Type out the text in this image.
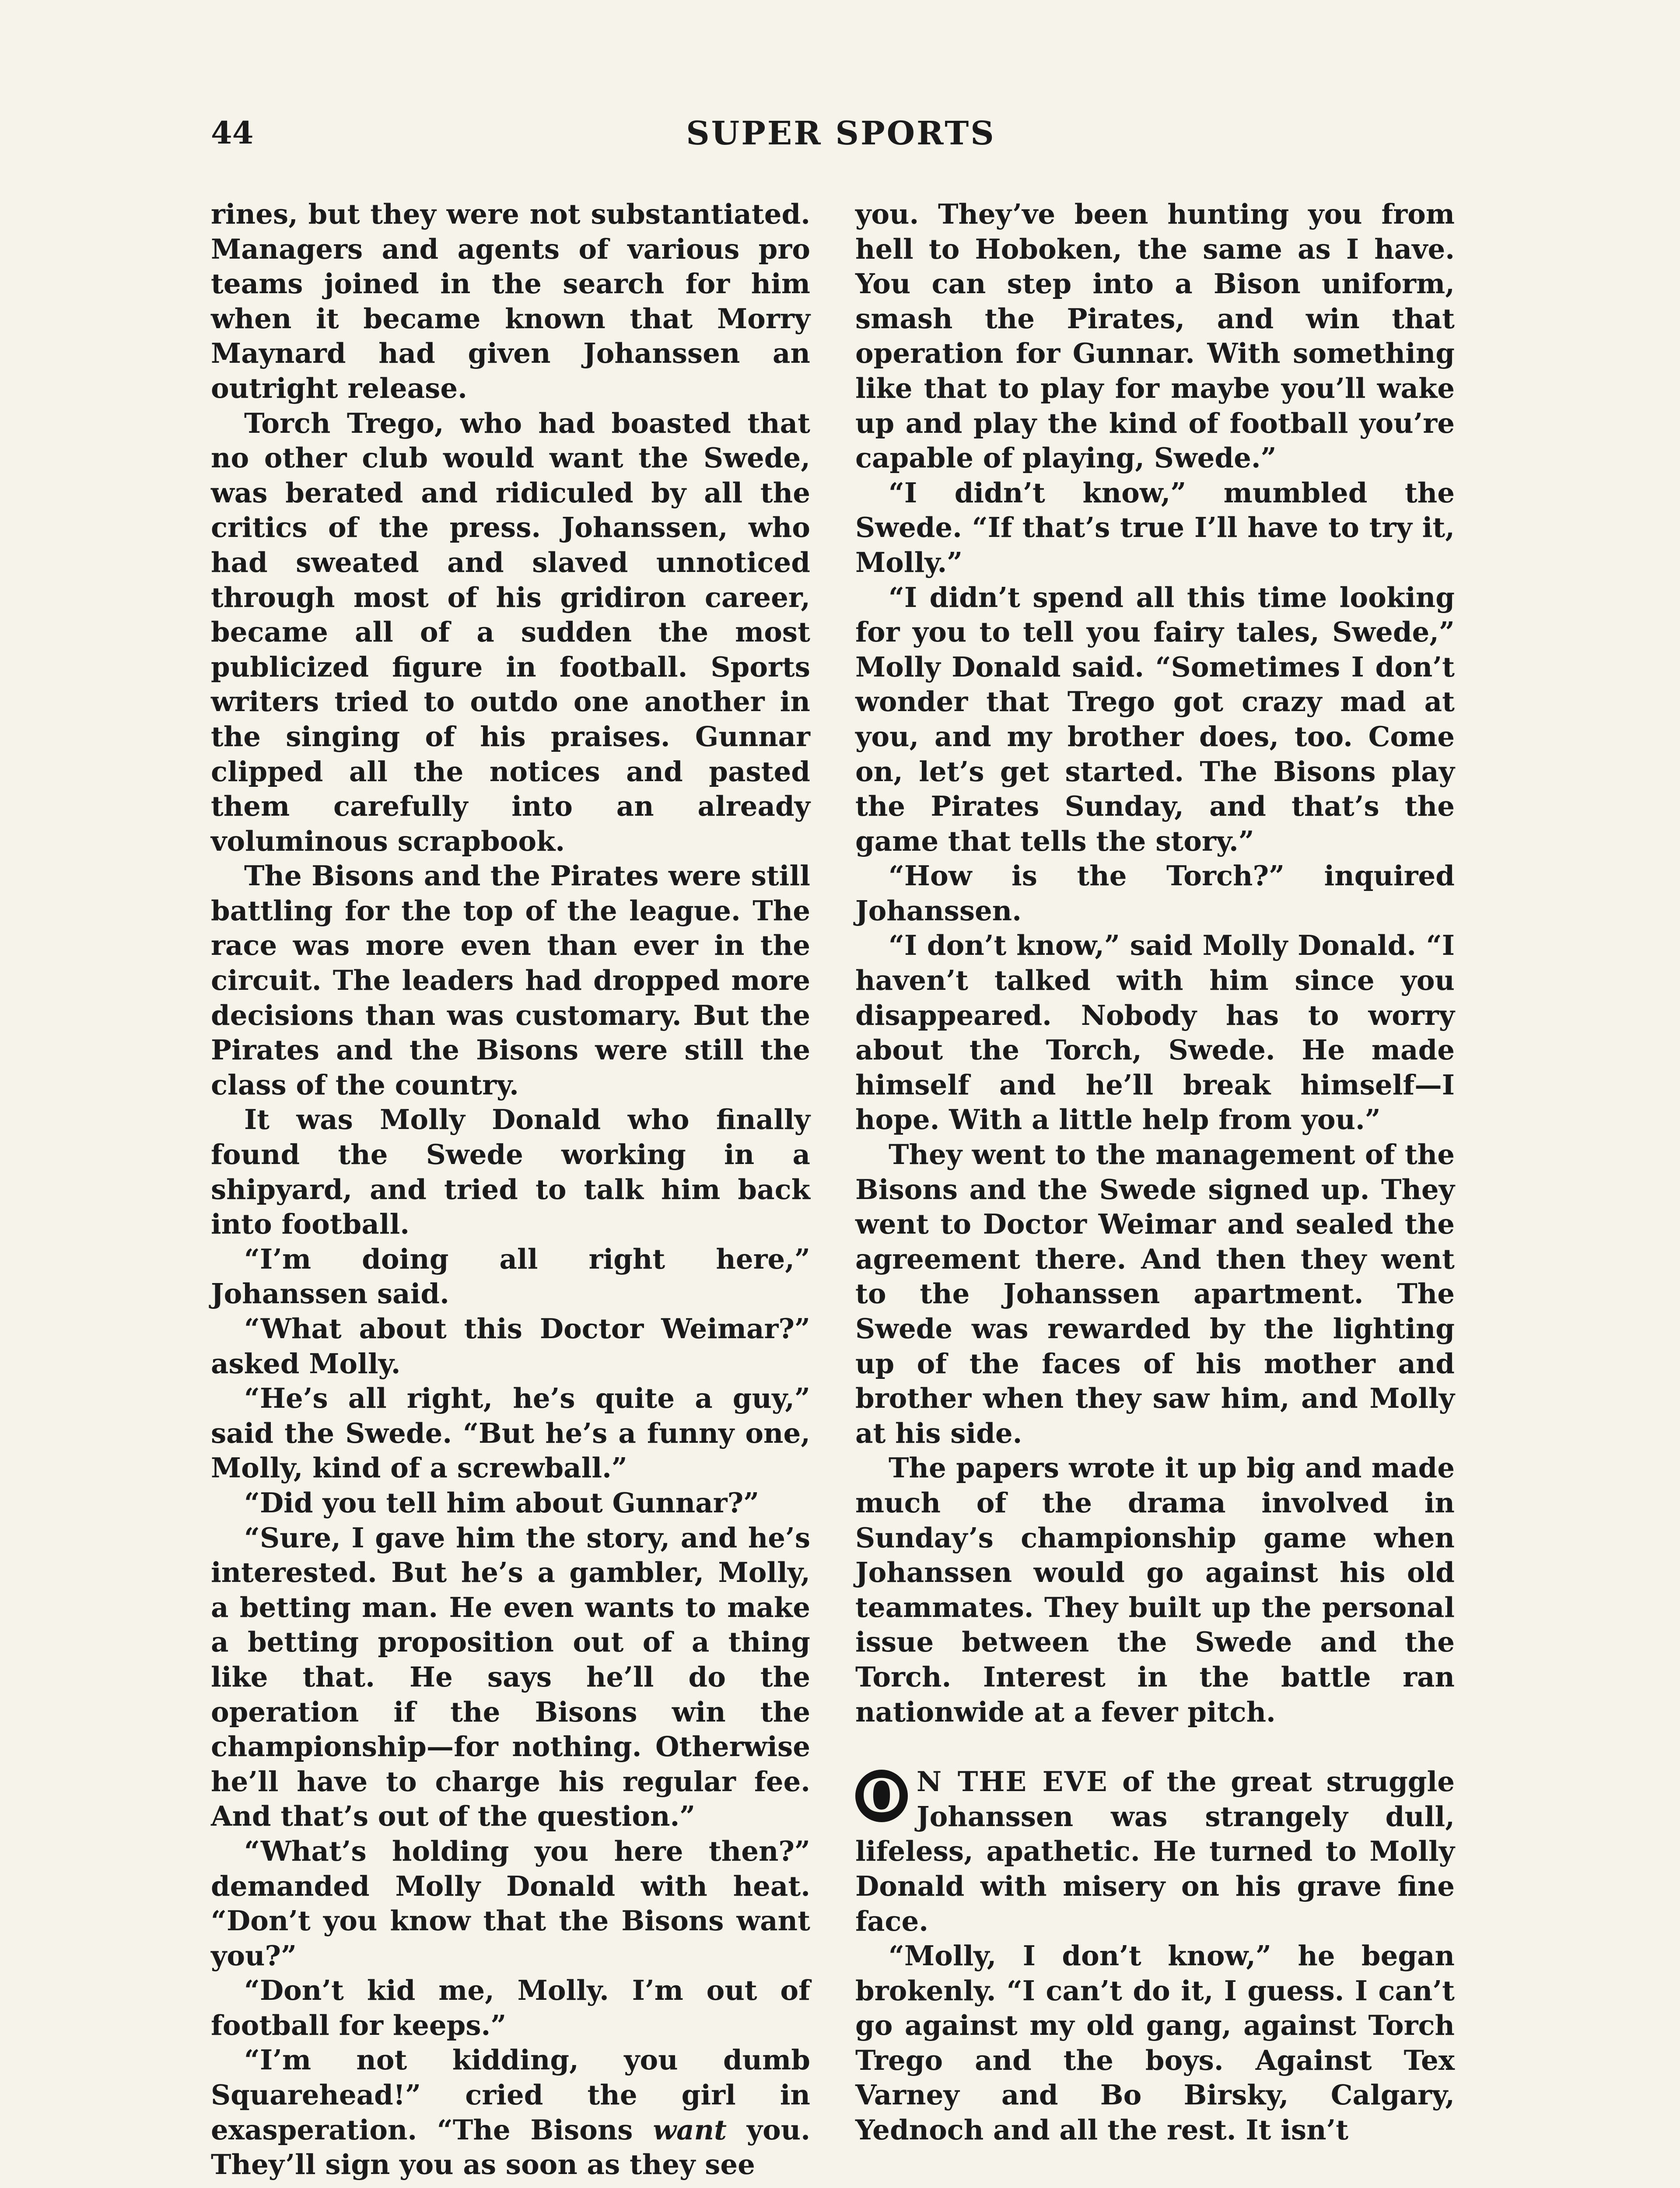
44	SUPER SPORTS

rines, but they were not substantiated. Managers and agents of various pro teams joined in the search for him when it became known that Morry Maynard had given Johanssen an outright release.

Torch Trego, who had boasted that no other club would want the Swede, was berated and ridiculed by all the critics of the press. Johanssen, who had sweated and slaved unnoticed through most of his gridiron career, became all of a sudden the most publicized figure in football. Sports writers tried to outdo one another in the singing of his praises. Gunnar clipped all the notices and pasted them carefully into an already voluminous scrapbook.

The Bisons and the Pirates were still battling for the top of the league. The race was more even than ever in the circuit. The leaders had dropped more decisions than was customary. But the Pirates and the Bisons were still the class of the country.

It was Molly Donald who finally found the Swede working in a shipyard, and tried to talk him back into football.

“I’m doing all right here,” Johanssen said.

“What about this Doctor Weimar?” asked Molly.

“He’s all right, he’s quite a guy,” said the Swede. “But he’s a funny one, Molly, kind of a screwball.”

“Did you tell him about Gunnar?”

“Sure, I gave him the story, and he’s interested. But he’s a gambler, Molly, a betting man. He even wants to make a betting proposition out of a thing like that. He says he’ll do the operation if the Bisons win the championship—for nothing. Otherwise he’ll have to charge his regular fee. And that’s out of the question.”

“What’s holding you here then?” demanded Molly Donald with heat. “Don’t you know that the Bisons want you?”

“Don’t kid me, Molly. I’m out of football for keeps.”

“I’m not kidding, you dumb Squarehead!” cried the girl in exasperation. “The Bisons want you. They’ll sign you as soon as they see

you. They’ve been hunting you from hell to Hoboken, the same as I have. You can step into a Bison uniform, smash the Pirates, and win that operation for Gunnar. With something like that to play for maybe you’ll wake up and play the kind of football you’re capable of playing, Swede.”

“I didn’t know,” mumbled the Swede. “If that’s true I’ll have to try it, Molly.”

“I didn’t spend all this time looking for you to tell you fairy tales, Swede,” Molly Donald said. “Sometimes I don’t wonder that Trego got crazy mad at you, and my brother does, too. Come on, let’s get started. The Bisons play the Pirates Sunday, and that’s the game that tells the story.”

“How is the Torch?” inquired Johanssen.

“I don’t know,” said Molly Donald. “I haven’t talked with him since you disappeared. Nobody has to worry about the Torch, Swede. He made himself and he’ll break himself—I hope. With a little help from you.”

They went to the management of the Bisons and the Swede signed up. They went to Doctor Weimar and sealed the agreement there. And then they went to the Johanssen apartment. The Swede was rewarded by the lighting up of the faces of his mother and brother when they saw him, and Molly at his side.

The papers wrote it up big and made much of the drama involved in Sunday’s championship game when Johanssen would go against his old teammates. They built up the personal issue between the Swede and the Torch. Interest in the battle ran nationwide at a fever pitch.

O N THE EVE of the great struggle Johanssen was strangely dull, lifeless, apathetic. He turned to Molly Donald with misery on his grave fine face.

“Molly, I don’t know,” he began brokenly. “I can’t do it, I guess. I can’t go against my old gang, against Torch Trego and the boys. Against Tex Varney and Bo Birsky, Calgary, Yednoch and all the rest. It isn’t
